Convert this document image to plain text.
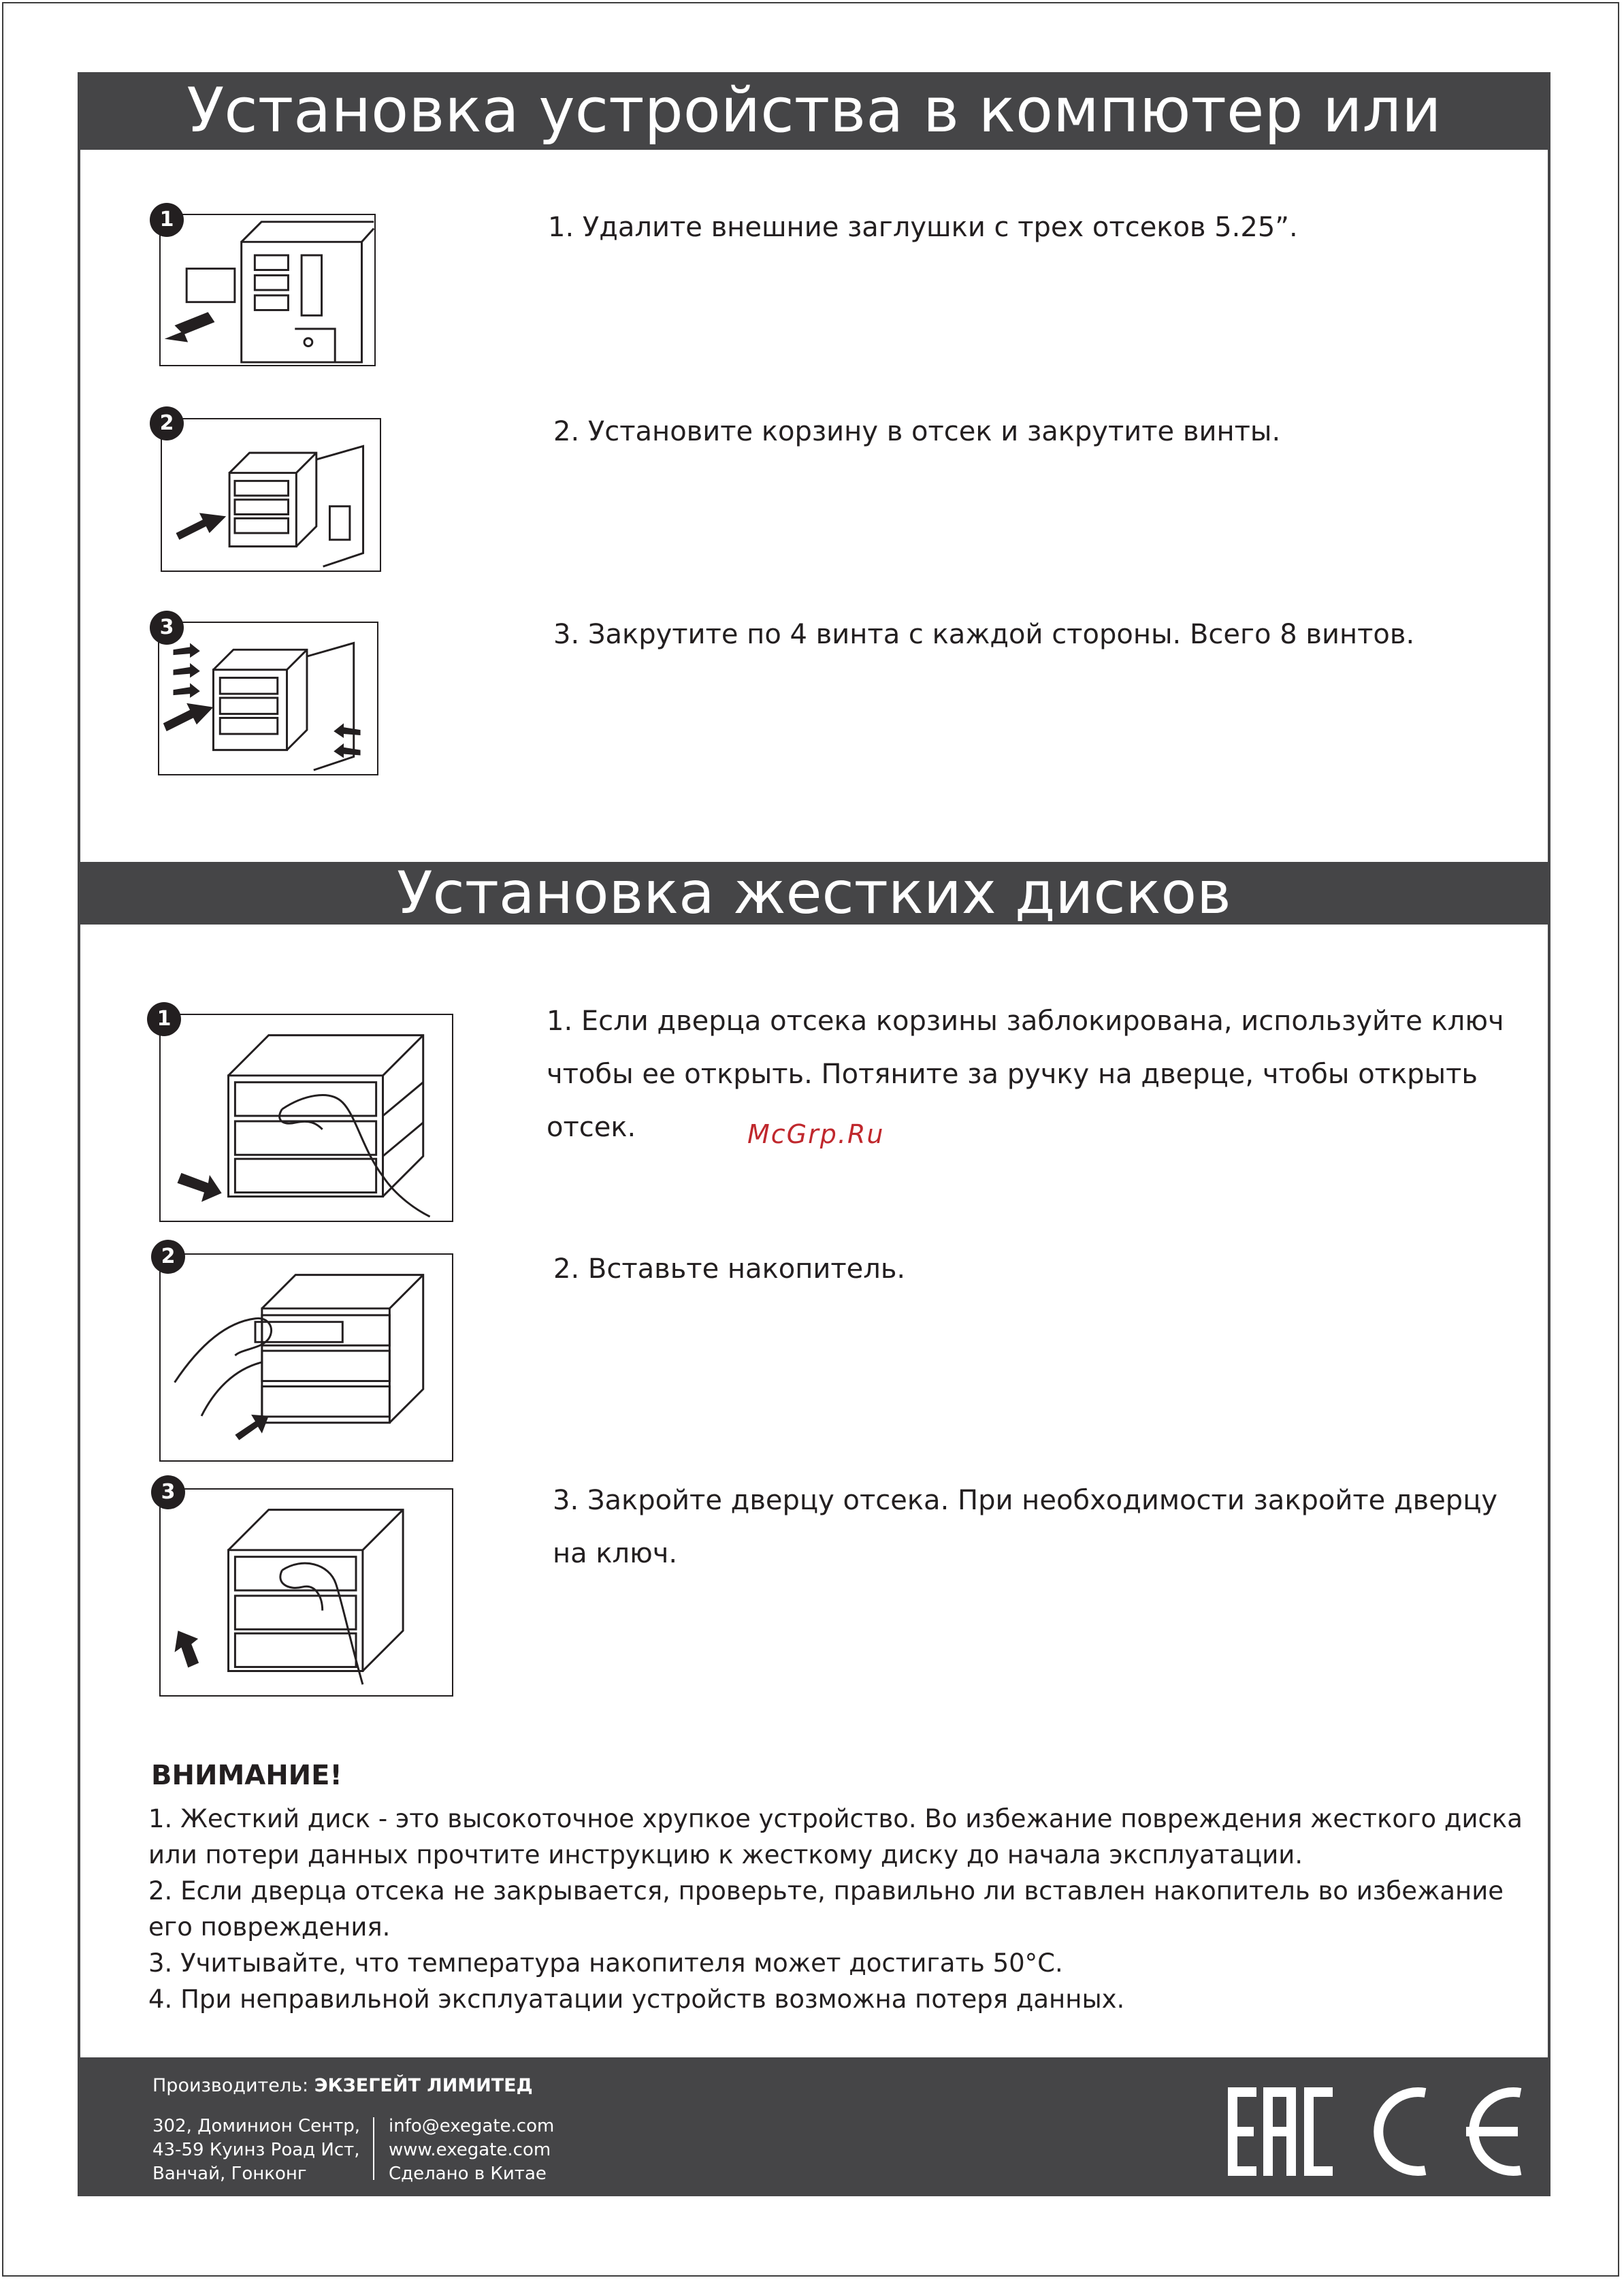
Установка устройства в компютер или сервер
1	1. Удалите внешние заглушки с трех отсеков 5.25”.
2	2. Установите корзину в отсек и закрутите винты.
3	3. Закрутите по 4 винта с каждой стороны. Всего 8 винтов.
Установка жестких дисков
1	1. Если дверца отсека корзины заблокирована, используйте ключ
чтобы ее открыть. Потяните за ручку на дверце, чтобы открыть
отсек.	McGrp.Ru
2	2. Вставьте накопитель.
3	3. Закройте дверцу отсека. При необходимости закройте дверцу
на ключ.
ВНИМАНИЕ!
1. Жесткий диск - это высокоточное хрупкое устройство. Во избежание повреждения жесткого диска
или потери данных прочтите инструкцию к жесткому диску до начала эксплуатации.
2. Если дверца отсека не закрывается, проверьте, правильно ли вставлен накопитель во избежание
его повреждения.
3. Учитывайте, что температура накопителя может достигать 50°C.
4. При неправильной эксплуатации устройств возможна потеря данных.
Производитель: ЭКЗЕГЕЙТ ЛИМИТЕД
302, Доминион Сентр,
43-59 Куинз Роад Ист,
Ванчай, Гонконг
info@exegate.com
www.exegate.com
Сделано в Китае
